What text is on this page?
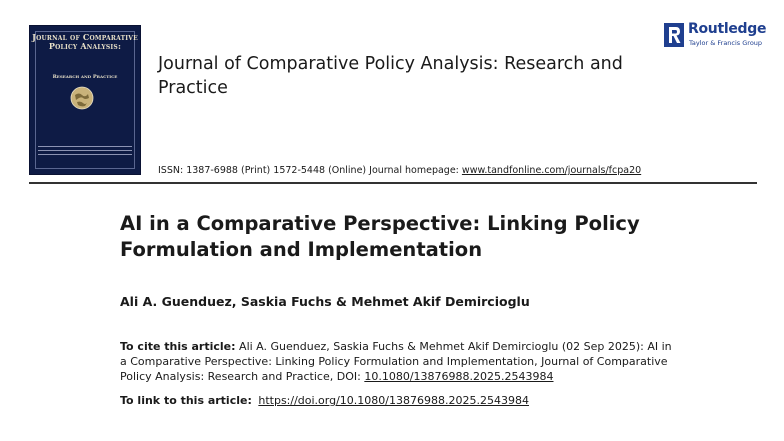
Journal of Comparative Policy Analysis:
Research and Practice
Journal of Comparative Policy Analysis: Research and Practice
ISSN: 1387-6988 (Print) 1572-5448 (Online) Journal homepage: www.tandfonline.com/journals/fcpa20
Routledge
Taylor & Francis Group
AI in a Comparative Perspective: Linking Policy Formulation and Implementation
Ali A. Guenduez, Saskia Fuchs & Mehmet Akif Demircioglu
To cite this article: Ali A. Guenduez, Saskia Fuchs & Mehmet Akif Demircioglu (02 Sep 2025): AI in a Comparative Perspective: Linking Policy Formulation and Implementation, Journal of Comparative Policy Analysis: Research and Practice, DOI: 10.1080/13876988.2025.2543984
To link to this article: https://doi.org/10.1080/13876988.2025.2543984
